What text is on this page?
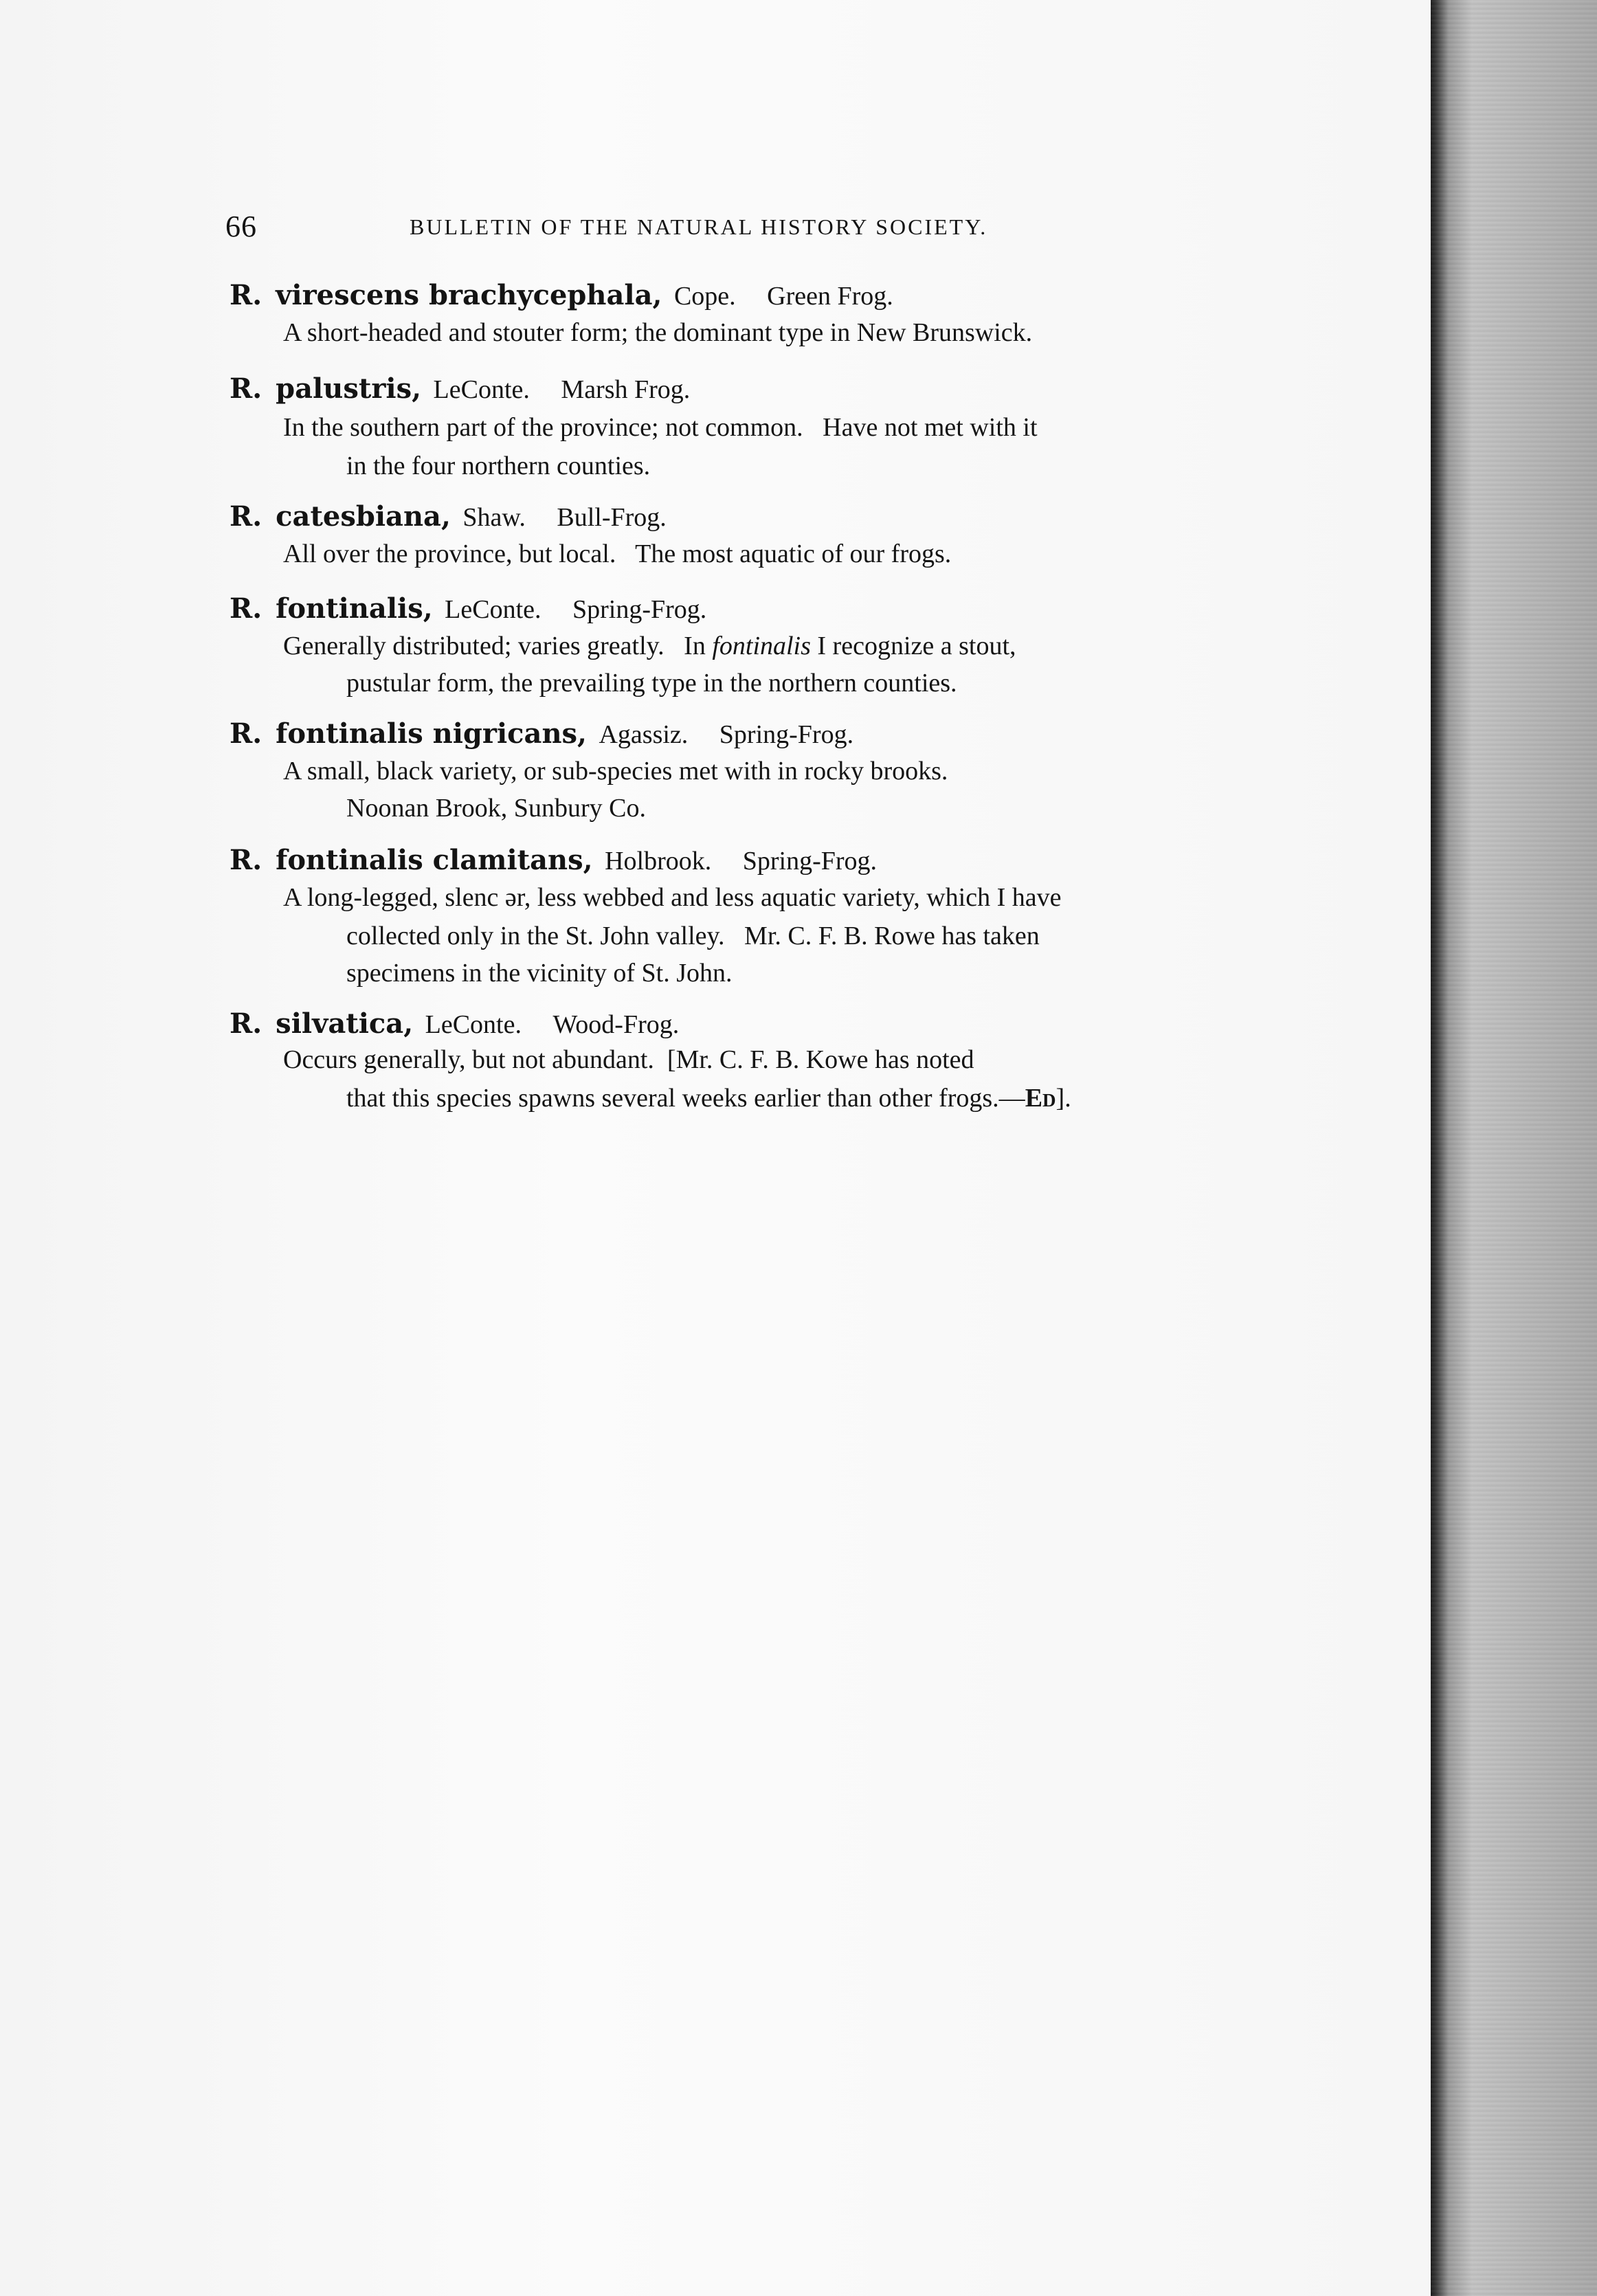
66	BULLETIN OF THE NATURAL HISTORY SOCIETY.
R. virescens brachycephala, Cope. Green Frog.
A short-headed and stouter form; the dominant type in New Brunswick.
R. palustris, LeConte. Marsh Frog.
In the southern part of the province; not common.   Have not met with it
in the four northern counties.
R. catesbiana, Shaw. Bull-Frog.
All over the province, but local.   The most aquatic of our frogs.
R. fontinalis, LeConte. Spring-Frog.
Generally distributed; varies greatly.   In fontinalis I recognize a stout,
pustular form, the prevailing type in the northern counties.
R. fontinalis nigricans, Agassiz. Spring-Frog.
A small, black variety, or sub-species met with in rocky brooks.
Noonan Brook, Sunbury Co.
R. fontinalis clamitans, Holbrook. Spring-Frog.
A long-legged, slenc ər, less webbed and less aquatic variety, which I have
collected only in the St. John valley.   Mr. C. F. B. Rowe has taken
specimens in the vicinity of St. John.
R. silvatica, LeConte. Wood-Frog.
Occurs generally, but not abundant.  [Mr. C. F. B. Kowe has noted
that this species spawns several weeks earlier than other frogs.—Ed].
